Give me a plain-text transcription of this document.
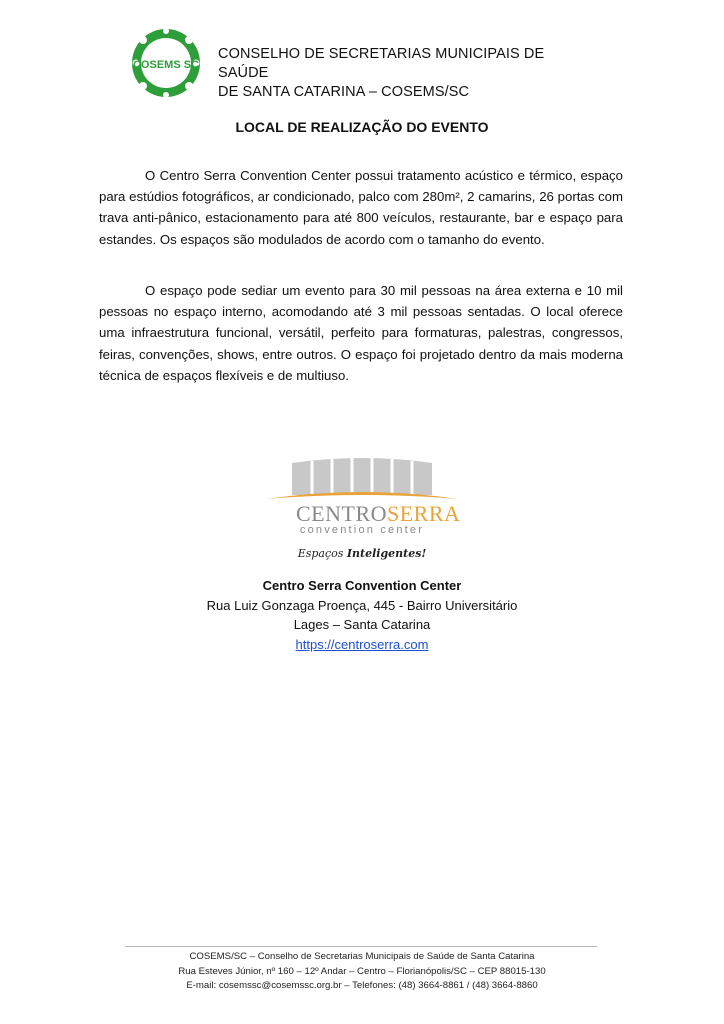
COSEMS SC
CONSELHO DE SECRETARIAS MUNICIPAIS DE SAÚDE
DE SANTA CATARINA – COSEMS/SC
LOCAL DE REALIZAÇÃO DO EVENTO

O Centro Serra Convention Center possui tratamento acústico e térmico, espaço para estúdios fotográficos, ar condicionado, palco com 280m², 2 camarins, 26 portas com trava anti-pânico, estacionamento para até 800 veículos, restaurante, bar e espaço para estandes. Os espaços são modulados de acordo com o tamanho do evento.

O espaço pode sediar um evento para 30 mil pessoas na área externa e 10 mil pessoas no espaço interno, acomodando até 3 mil pessoas sentadas. O local oferece uma infraestrutura funcional, versátil, perfeito para formaturas, palestras, congressos, feiras, convenções, shows, entre outros. O espaço foi projetado dentro da mais moderna técnica de espaços flexíveis e de multiuso.

CENTROSERRA
convention center
Espaços Inteligentes!
Centro Serra Convention Center
Rua Luiz Gonzaga Proença, 445 - Bairro Universitário
Lages – Santa Catarina
https://centroserra.com
COSEMS/SC – Conselho de Secretarias Municipais de Saúde de Santa Catarina
Rua Esteves Júnior, nº 160 – 12º Andar – Centro – Florianópolis/SC – CEP 88015-130
E-mail: cosemssc@cosemssc.org.br – Telefones: (48) 3664-8861 / (48) 3664-8860
